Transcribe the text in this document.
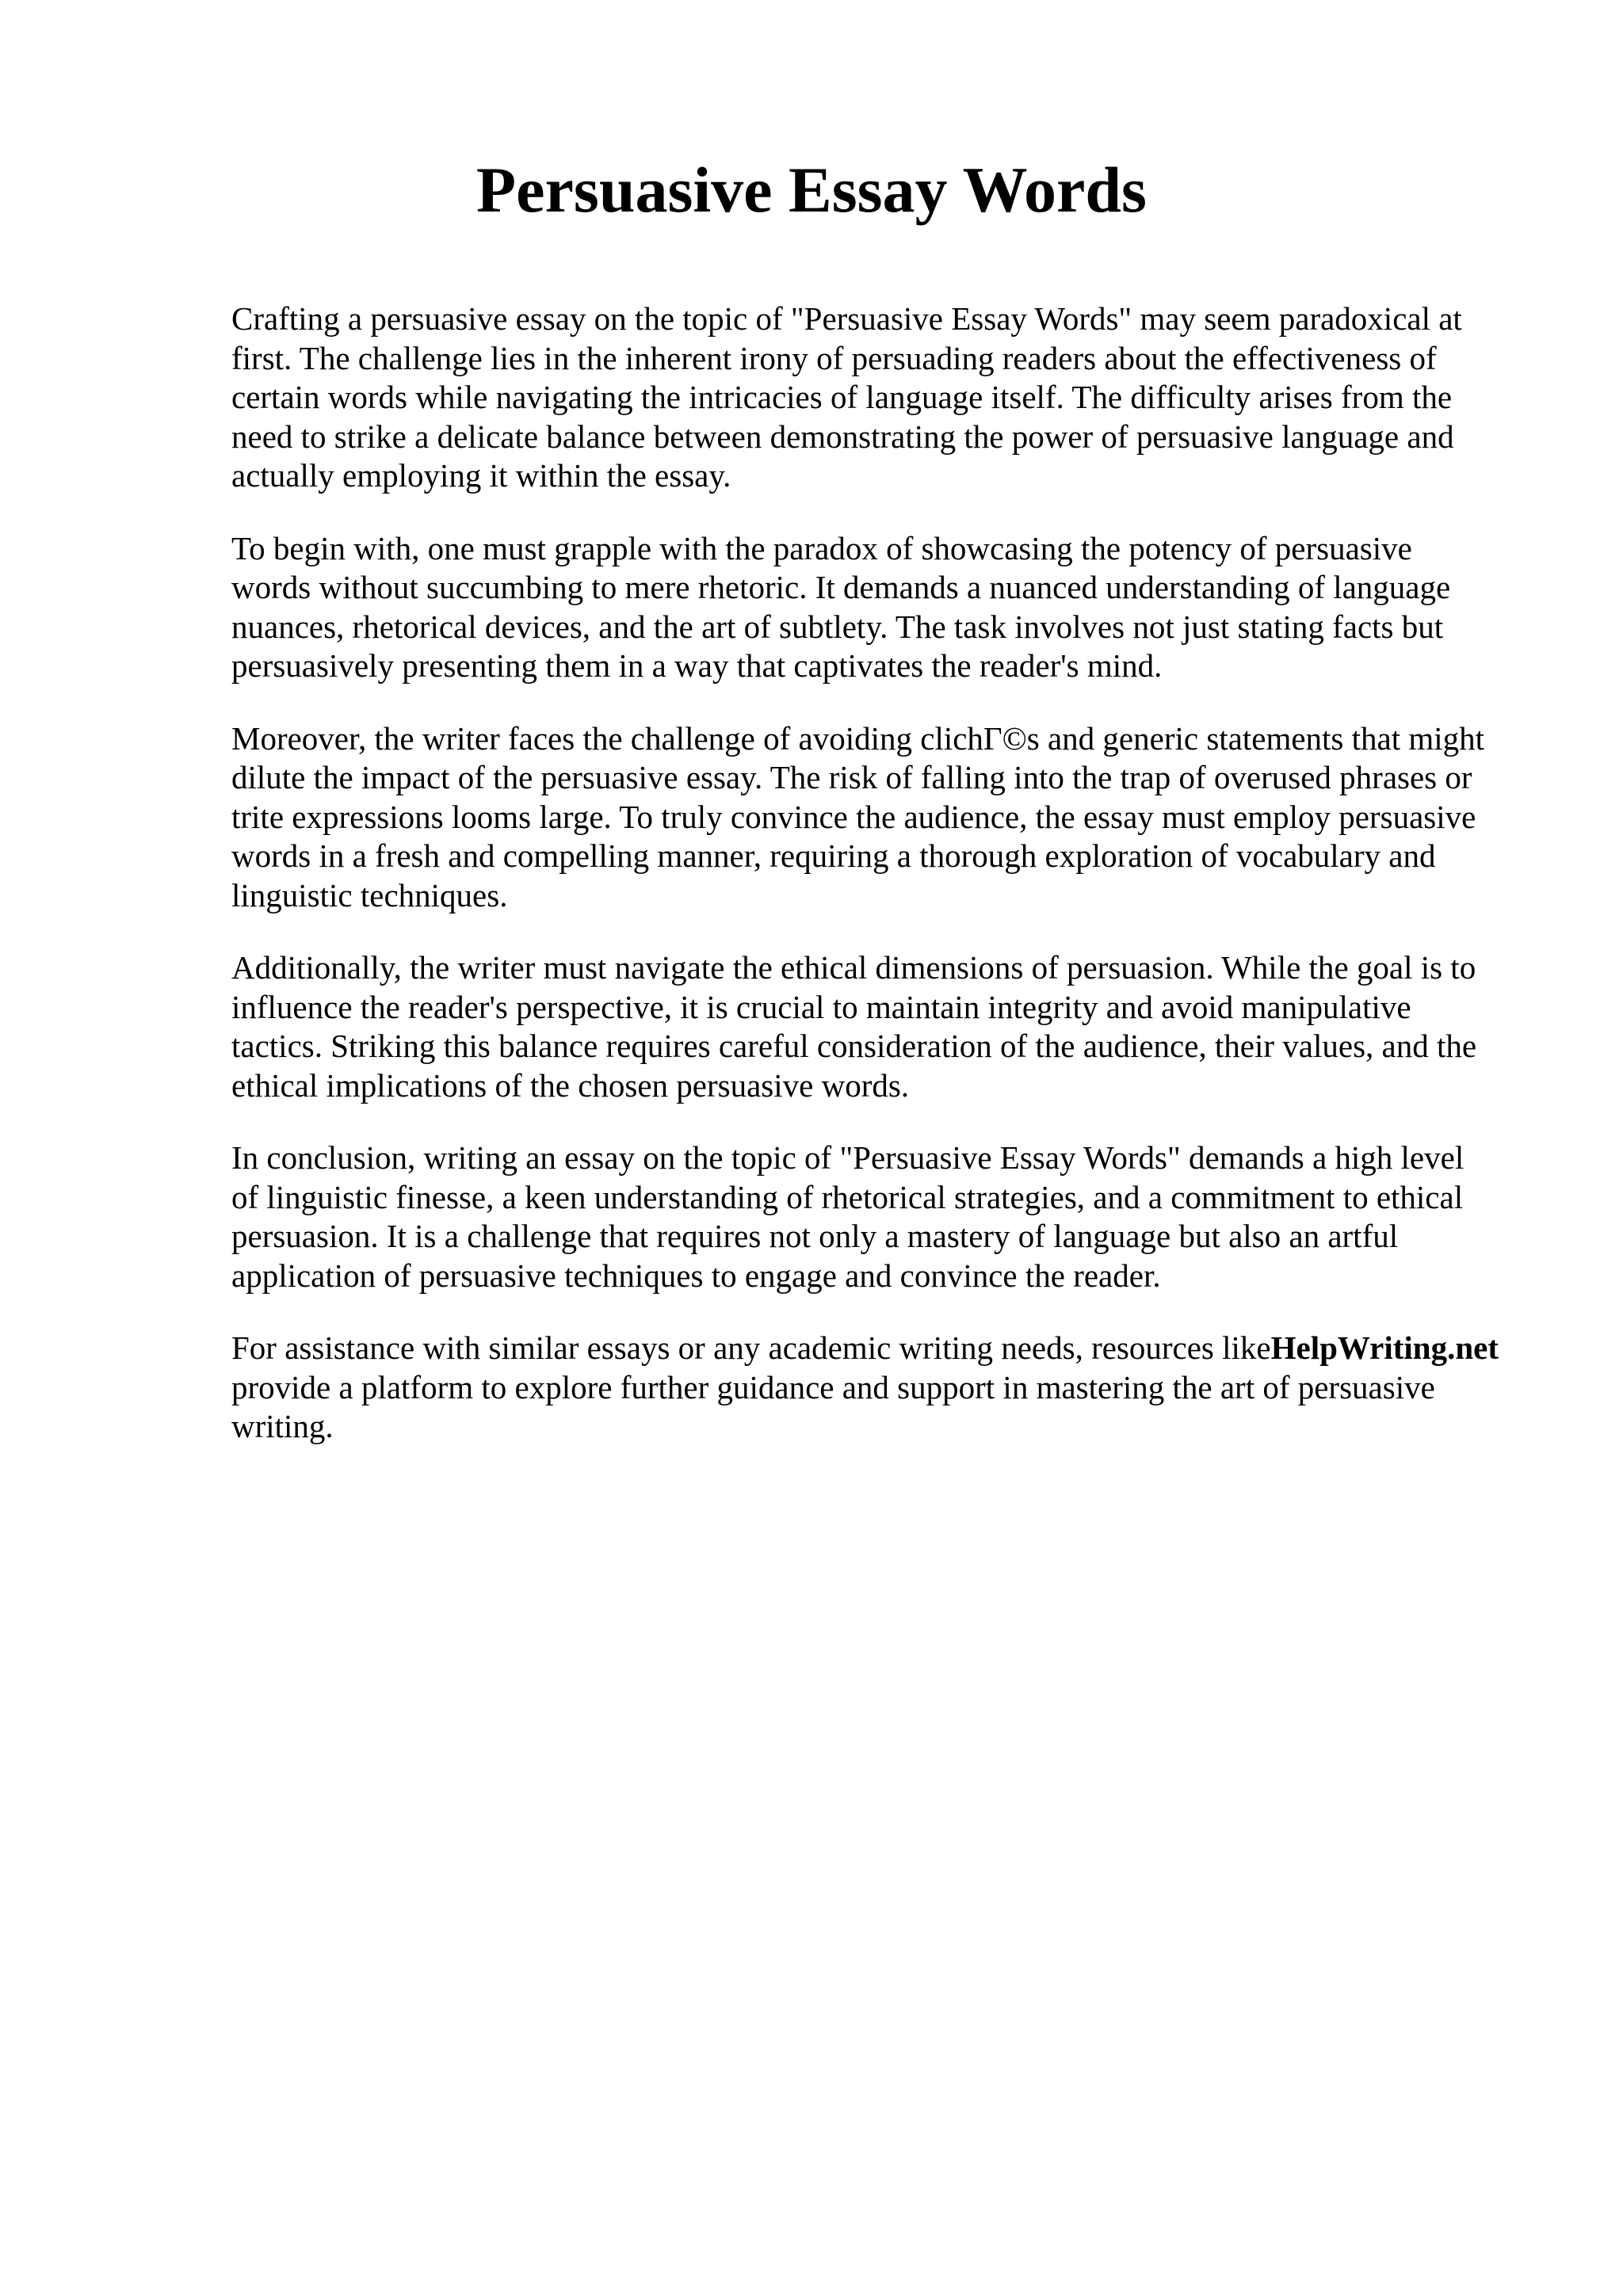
Persuasive Essay Words

Crafting a persuasive essay on the topic of "Persuasive Essay Words" may seem paradoxical at
first. The challenge lies in the inherent irony of persuading readers about the effectiveness of
certain words while navigating the intricacies of language itself. The difficulty arises from the
need to strike a delicate balance between demonstrating the power of persuasive language and
actually employing it within the essay.

To begin with, one must grapple with the paradox of showcasing the potency of persuasive
words without succumbing to mere rhetoric. It demands a nuanced understanding of language
nuances, rhetorical devices, and the art of subtlety. The task involves not just stating facts but
persuasively presenting them in a way that captivates the reader's mind.

Moreover, the writer faces the challenge of avoiding clichΓ©s and generic statements that might
dilute the impact of the persuasive essay. The risk of falling into the trap of overused phrases or
trite expressions looms large. To truly convince the audience, the essay must employ persuasive
words in a fresh and compelling manner, requiring a thorough exploration of vocabulary and
linguistic techniques.

Additionally, the writer must navigate the ethical dimensions of persuasion. While the goal is to
influence the reader's perspective, it is crucial to maintain integrity and avoid manipulative
tactics. Striking this balance requires careful consideration of the audience, their values, and the
ethical implications of the chosen persuasive words.

In conclusion, writing an essay on the topic of "Persuasive Essay Words" demands a high level
of linguistic finesse, a keen understanding of rhetorical strategies, and a commitment to ethical
persuasion. It is a challenge that requires not only a mastery of language but also an artful
application of persuasive techniques to engage and convince the reader.

For assistance with similar essays or any academic writing needs, resources likeHelpWriting.net
provide a platform to explore further guidance and support in mastering the art of persuasive
writing.
